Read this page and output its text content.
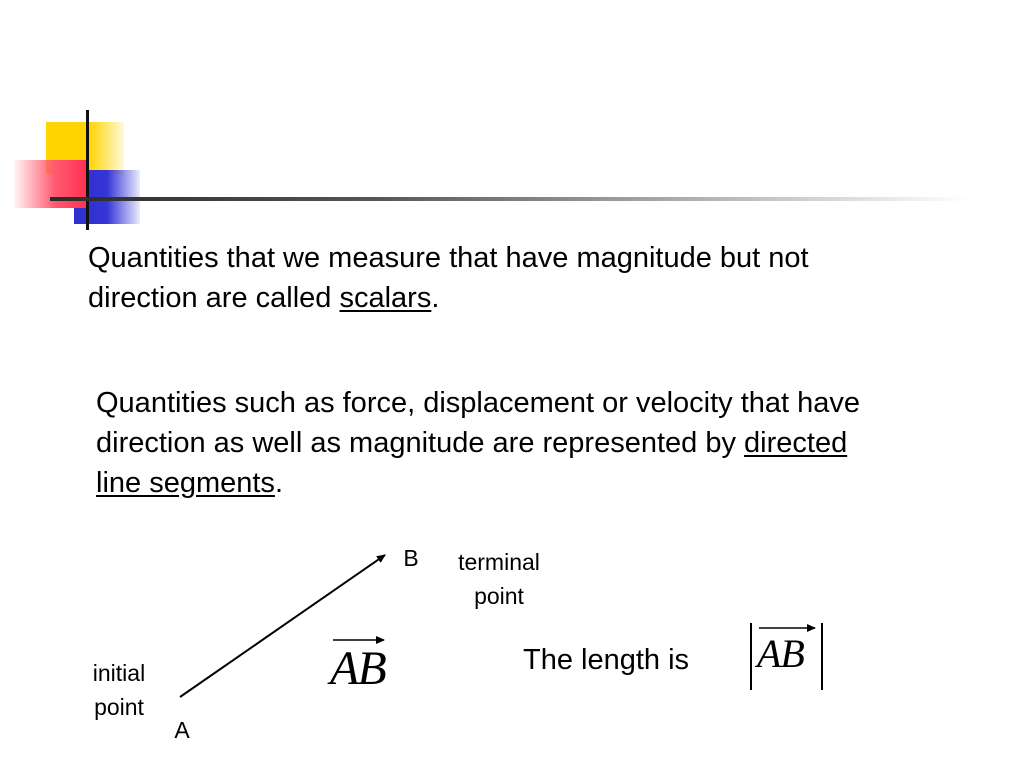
Quantities that we measure that have magnitude but not direction are called scalars.
Quantities such as force, displacement or velocity that have direction as well as magnitude are represented by directed line segments.
A
B
initial
point
terminal
point
AB	The length is AB
